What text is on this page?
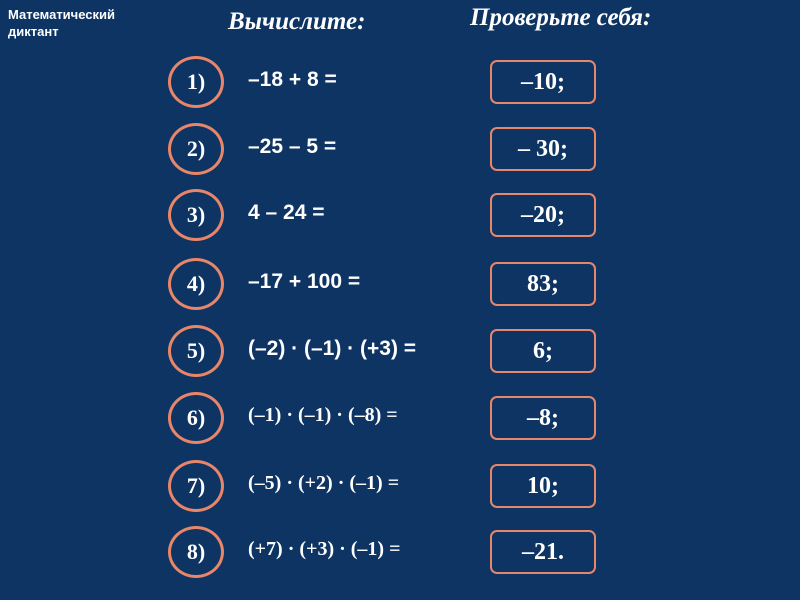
Математический диктант	Вычислите:	Проверьте себя:
1)	–18 + 8 =	–10;
2)	–25 – 5 =	– 30;
3)	4 – 24 =	–20;
4)	–17 + 100 =	83;
5)	(–2) · (–1) · (+3) =	6;
6)	(–1) · (–1) · (–8) =	–8;
7)	(–5) · (+2) · (–1) =	10;
8)	(+7) · (+3) · (–1) =	–21.
